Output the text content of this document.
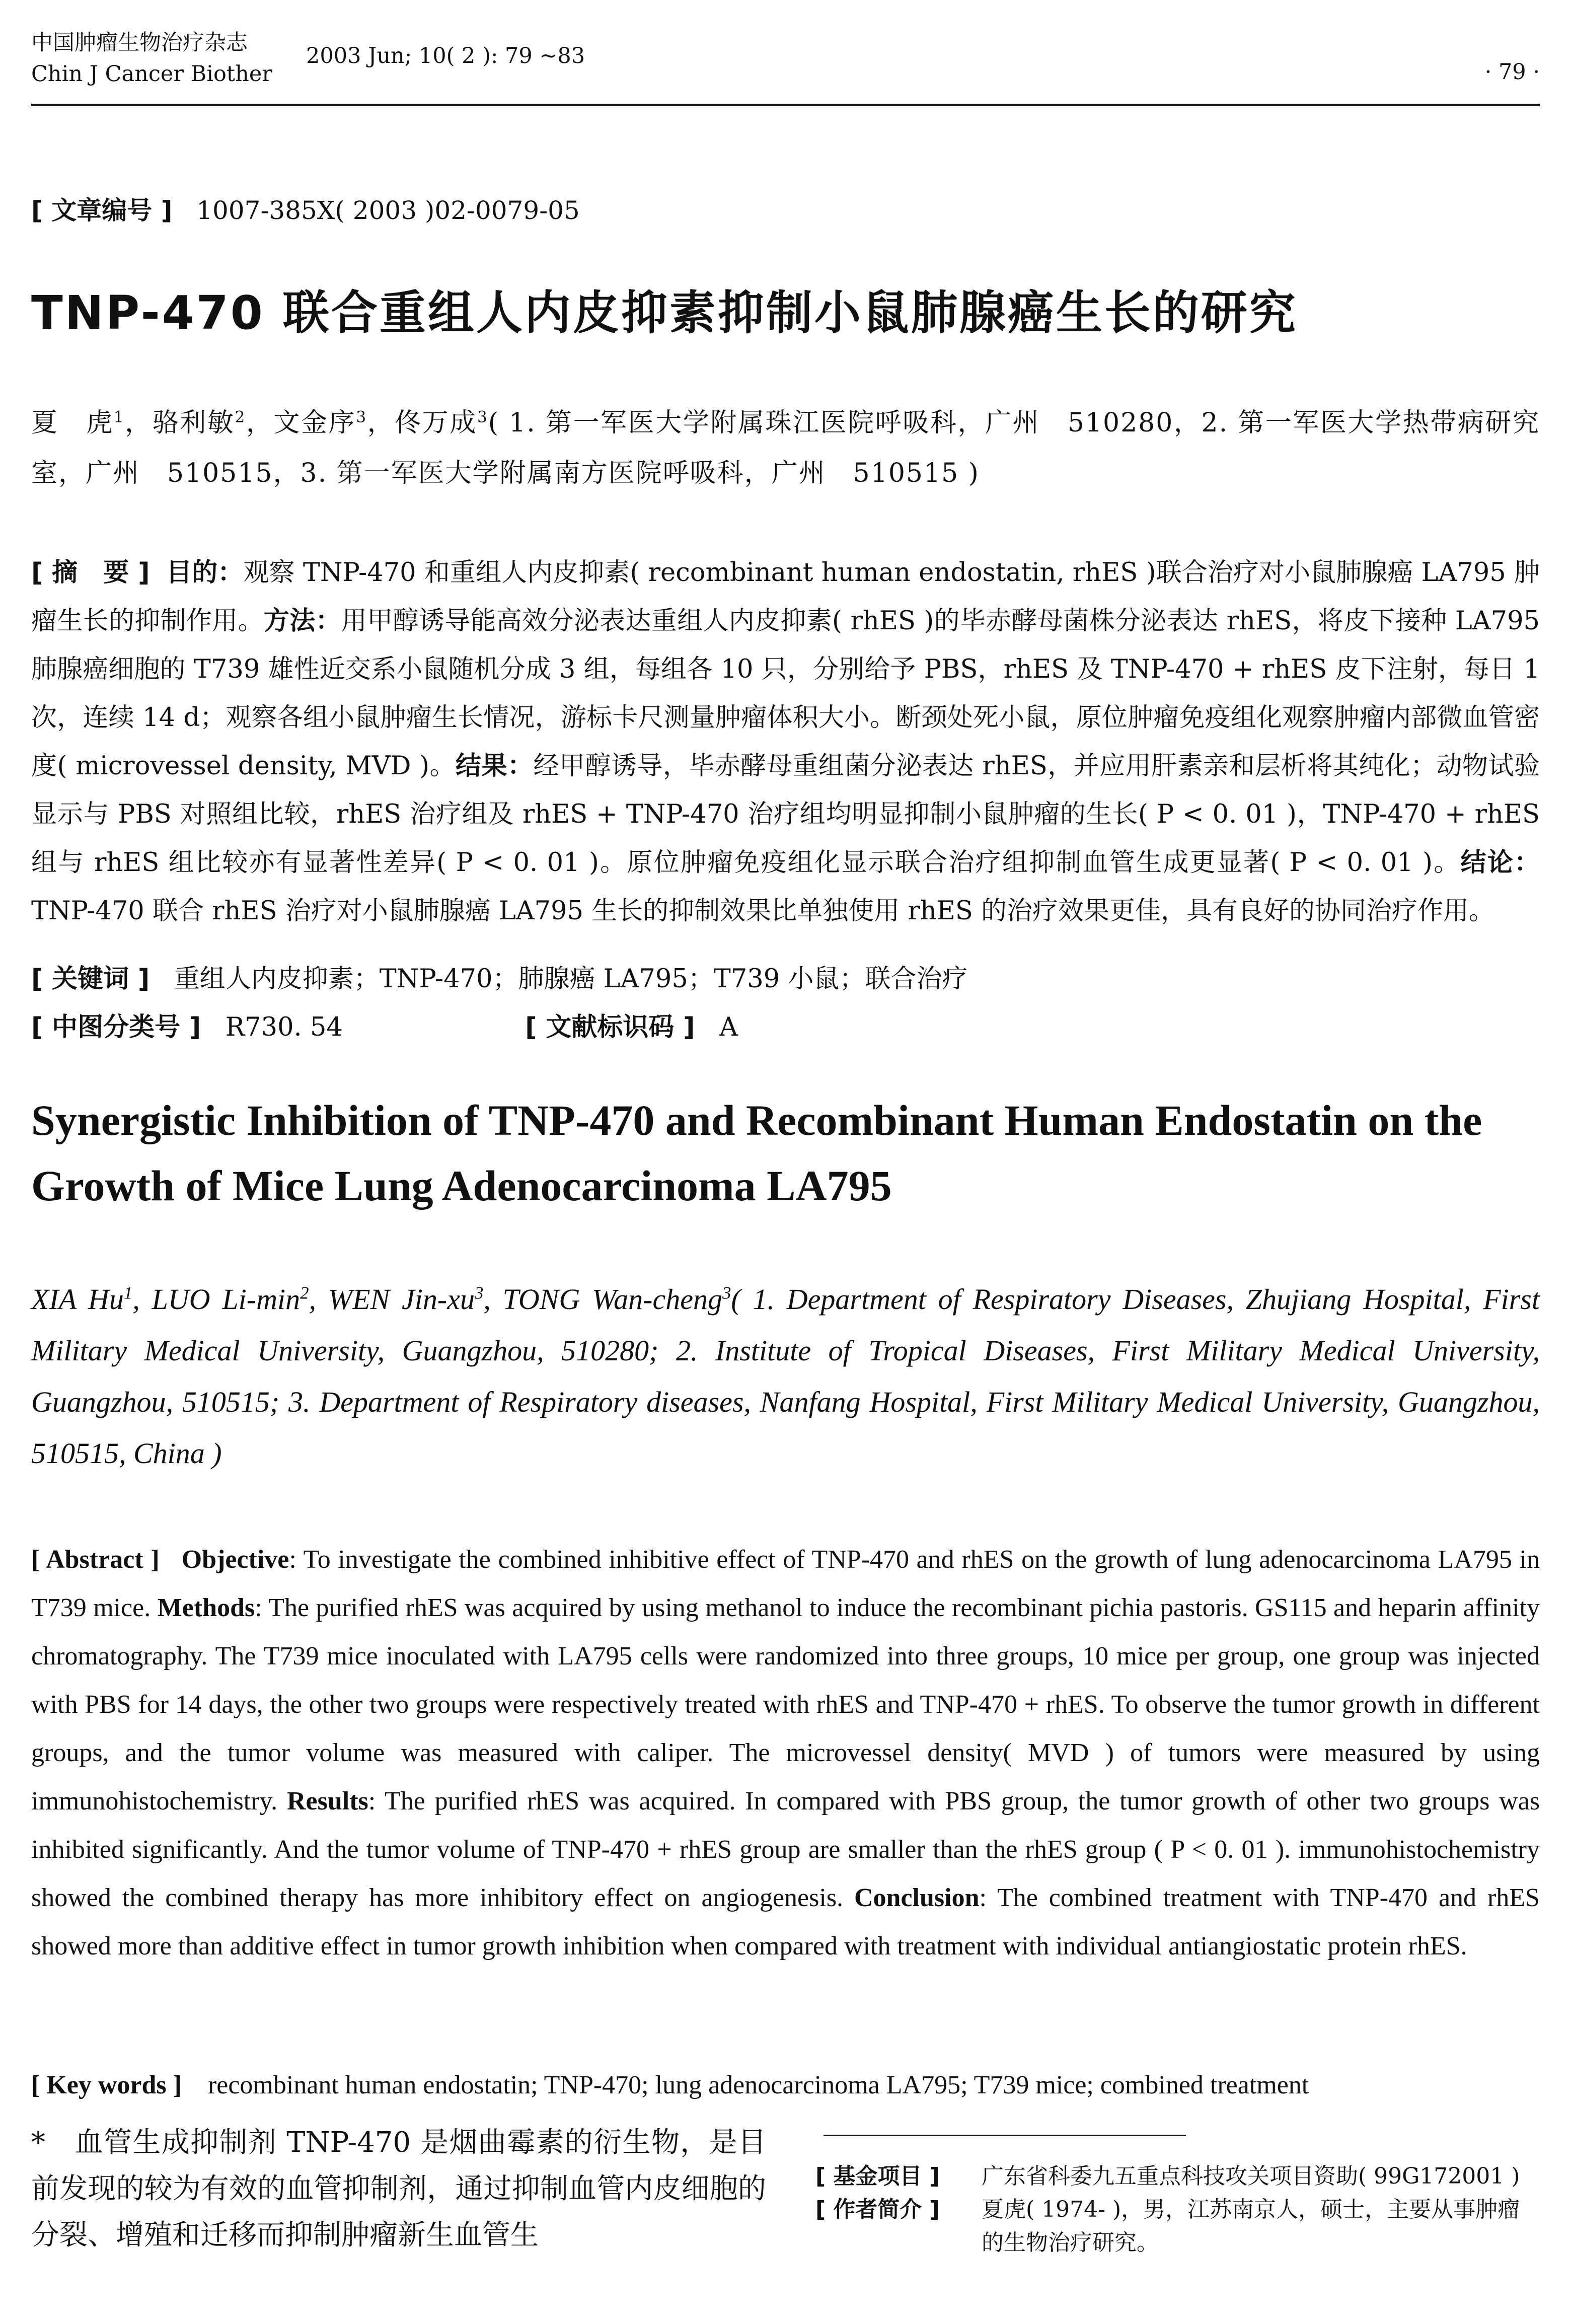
中国肿瘤生物治疗杂志
Chin J Cancer Biother
2003 Jun; 10( 2 ): 79 ~83
· 79 ·
[ 文章编号 ] 1007-385X( 2003 )02-0079-05
TNP-470 联合重组人内皮抑素抑制小鼠肺腺癌生长的研究
夏　虎$^1$，骆利敏$^2$，文金序$^3$，佟万成$^3$( 1. 第一军医大学附属珠江医院呼吸科，广州　510280，2. 第一军医大学热带病研究室，广州　510515，3. 第一军医大学附属南方医院呼吸科，广州　510515 )
[ 摘　要 ] 目的：观察 TNP-470 和重组人内皮抑素( recombinant human endostatin, rhES )联合治疗对小鼠肺腺癌 LA795 肿瘤生长的抑制作用。方法：用甲醇诱导能高效分泌表达重组人内皮抑素( rhES )的毕赤酵母菌株分泌表达 rhES，将皮下接种 LA795 肺腺癌细胞的 T739 雄性近交系小鼠随机分成 3 组，每组各 10 只，分别给予 PBS，rhES 及 TNP-470 + rhES 皮下注射，每日 1 次，连续 14 d；观察各组小鼠肿瘤生长情况，游标卡尺测量肿瘤体积大小。断颈处死小鼠，原位肿瘤免疫组化观察肿瘤内部微血管密度( microvessel density, MVD )。结果：经甲醇诱导，毕赤酵母重组菌分泌表达 rhES，并应用肝素亲和层析将其纯化；动物试验显示与 PBS 对照组比较，rhES 治疗组及 rhES + TNP-470 治疗组均明显抑制小鼠肿瘤的生长( P < 0. 01 )，TNP-470 + rhES 组与 rhES 组比较亦有显著性差异( P < 0. 01 )。原位肿瘤免疫组化显示联合治疗组抑制血管生成更显著( P < 0. 01 )。结论：TNP-470 联合 rhES 治疗对小鼠肺腺癌 LA795 生长的抑制效果比单独使用 rhES 的治疗效果更佳，具有良好的协同治疗作用。
[ 关键词 ] 重组人内皮抑素；TNP-470；肺腺癌 LA795；T739 小鼠；联合治疗
[ 中图分类号 ] R730. 54	[ 文献标识码 ] A
Synergistic Inhibition of TNP-470 and Recombinant Human Endostatin on the Growth of Mice Lung Adenocarcinoma LA795
XIA Hu$^1$, LUO $Li-\min^2$, WEN Jin-$xu^3$, TONG Wan-cheng$^3$( 1. Department of Respiratory Diseases, Zhujiang Hospital, First Military Medical University, Guangzhou, 510280; 2. Institute of Tropical Diseases, First Military Medical University, Guangzhou, 510515; 3. Department of Respiratory diseases, Nanfang Hospital, First Military Medical University, Guangzhou, 510515, China )
[ Abstract ] Objective: To investigate the combined inhibitive effect of TNP-470 and rhES on the growth of lung adenocarcinoma LA795 in T739 mice. Methods: The purified rhES was acquired by using methanol to induce the recombinant pichia pastoris. GS115 and heparin affinity chromatography. The T739 mice inoculated with LA795 cells were randomized into three groups, 10 mice per group, one group was injected with PBS for 14 days, the other two groups were respectively treated with rhES and TNP-470 + rhES. To observe the tumor growth in different groups, and the tumor volume was measured with caliper. The microvessel density( MVD ) of tumors were measured by using immunohistochemistry. Results: The purified rhES was acquired. In compared with PBS group, the tumor growth of other two groups was inhibited significantly. And the tumor volume of TNP-470 + rhES group are smaller than the rhES group ( P < 0. 01 ). immunohistochemistry showed the combined therapy has more inhibitory effect on angiogenesis. Conclusion: The combined treatment with TNP-470 and rhES showed more than additive effect in tumor growth inhibition when compared with treatment with individual antiangiostatic protein rhES.
[ Key words ] recombinant human endostatin; TNP-470; lung adenocarcinoma LA795; T739 mice; combined treatment
*　血管生成抑制剂 TNP-470 是烟曲霉素的衍生物，是目前发现的较为有效的血管抑制剂，通过抑制血管内皮细胞的分裂、增殖和迁移而抑制肿瘤新生血管生
[ 基金项目 ]	广东省科委九五重点科技攻关项目资助( 99G172001 )
[ 作者简介 ]	夏虎( 1974- )，男，江苏南京人，硕士，主要从事肿瘤的生物治疗研究。
